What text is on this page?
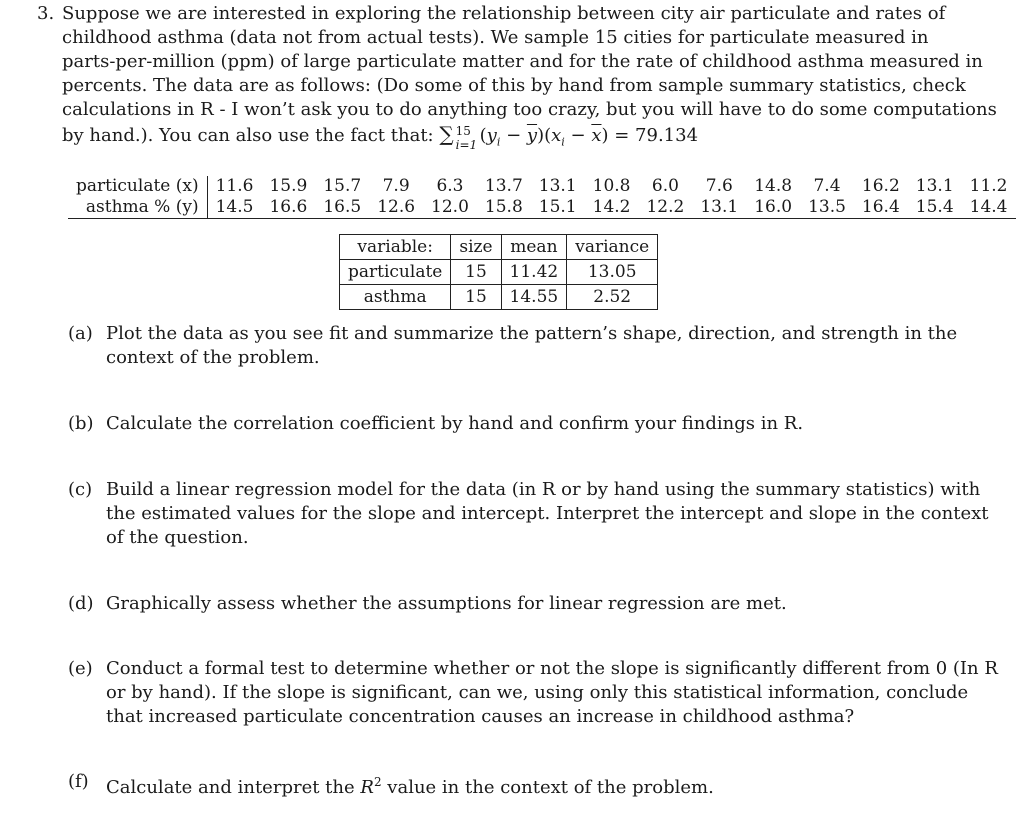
3. Suppose we are interested in exploring the relationship between city air particulate and rates of
childhood asthma (data not from actual tests). We sample 15 cities for particulate measured in
parts-per-million (ppm) of large particulate matter and for the rate of childhood asthma measured in
percents. The data are as follows: (Do some of this by hand from sample summary statistics, check
calculations in R - I won’t ask you to do anything too crazy, but you will have to do some computations
by hand.). You can also use the fact that: ∑ 15
i=1 $(y_i - \overline{y})(x_i - \overline{x}) = 79.134$
particulate (x)	11.6	15.9	15.7	7.9	6.3	13.7	13.1	10.8	6.0	7.6	14.8	7.4	16.2	13.1	11.2
asthma % (y)	14.5	16.6	16.5	12.6	12.0	15.8	15.1	14.2	12.2	13.1	16.0	13.5	16.4	15.4	14.4
variable:	size	mean	variance
particulate	15	11.42	13.05
asthma	15	14.55	2.52
(a) Plot the data as you see fit and summarize the pattern’s shape, direction, and strength in the
context of the problem.
(b) Calculate the correlation coefficient by hand and confirm your findings in R.
(c) Build a linear regression model for the data (in R or by hand using the summary statistics) with
the estimated values for the slope and intercept. Interpret the intercept and slope in the context
of the question.
(d) Graphically assess whether the assumptions for linear regression are met.
(e) Conduct a formal test to determine whether or not the slope is significantly different from 0 (In R
or by hand). If the slope is significant, can we, using only this statistical information, conclude
that increased particulate concentration causes an increase in childhood asthma?
(f) Calculate and interpret the $R^2$ value in the context of the problem.
